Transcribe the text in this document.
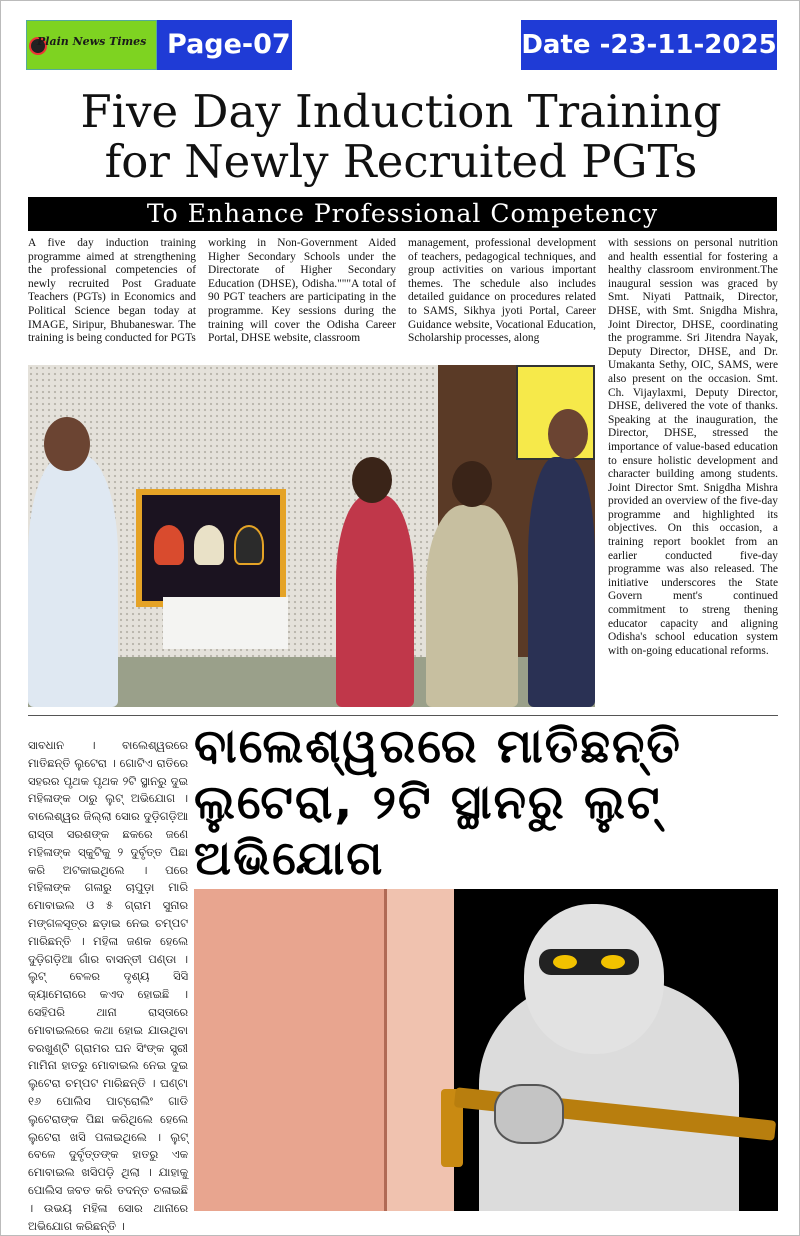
Plain News Times Page-07	Date -23-11-2025
Five Day Induction Training
for Newly Recruited PGTs
To Enhance Professional Competency
A five day induction training programme aimed at strengthening the professional competencies of newly recruited Post Graduate Teachers (PGTs) in Economics and Political Science began today at IMAGE, Siripur, Bhubaneswar. The training is being conducted for PGTs
working in Non-Government Aided Higher Secondary Schools under the Directorate of Higher Secondary Education (DHSE), Odisha."""A total of 90 PGT teachers are participating in the programme. Key sessions during the training will cover the Odisha Career Portal, DHSE website, classroom
management, professional development of teachers, pedagogical techniques, and group activities on various important themes. The schedule also includes detailed guidance on procedures related to SAMS, Sikhya jyoti Portal, Career Guidance website, Vocational Education, Scholarship processes, along
with sessions on personal nutrition and health essential for fostering a healthy classroom environment.The inaugural session was graced by Smt. Niyati Pattnaik, Director, DHSE, with Smt. Snigdha Mishra, Joint Director, DHSE, coordinating the programme. Sri Jitendra Nayak, Deputy Director, DHSE, and Dr. Umakanta Sethy, OIC, SAMS, were also present on the occasion. Smt. Ch. Vijaylaxmi, Deputy Director, DHSE, delivered the vote of thanks. Speaking at the inauguration, the Director, DHSE, stressed the importance of value-based education to ensure holistic development and character building among students. Joint Director Smt. Snigdha Mishra provided an overview of the five-day programme and highlighted its objectives. On this occasion, a training report booklet from an earlier conducted five-day programme was also released. The initiative underscores the State Govern ment's continued commitment to streng thening educator capacity and aligning Odisha's school education system with on-going educational reforms.
ସାବଧାନ । ବାଲେଶ୍ୱରରେ ମାତିଛନ୍ତି ଲୁଟେରା । ଗୋଟିଏ ରାତିରେ ସହରର ପୃଥକ ପୃଥକ ୨ଟି ସ୍ଥାନରୁ ଦୁଇ ମହିଳାଙ୍କ ଠାରୁ ଲୁଟ୍ ଅଭିଯୋଗ । ବାଲେଶ୍ୱର ଜିଲ୍ଲା ସୋର ଦୁଡ଼ିଗଡ଼ିଆ ରାସ୍ତା ସରଶଙ୍କ ଛକରେ ଜଣେ ମହିଳାଙ୍କ ସ୍କୁଟିକୁ ୨ ଦୁର୍ବୃତ୍ତ ପିଛା କରି ଅଟକାଇଥିଲେ । ପରେ ମହିଳାଙ୍କ ଗଳାରୁ ଚାପୁଡ଼ା ମାରି ମୋବାଇଲ ଓ ୫ ଗ୍ରାମ ସୁନାର ମଙ୍ଗଳସୂତ୍ର ଛଡ଼ାଇ ନେଇ ଚମ୍ପଟ ମାରିଛନ୍ତି । ମହିଳା ଜଣକ ହେଲେ ଦୁଡ଼ିଗଡ଼ିଆ ଗାଁର ବାସନ୍ତୀ ପଣ୍ଡା । ଲୁଟ୍ ବେଳର ଦୃଶ୍ୟ ସିସି କ୍ୟାମେରାରେ କଏଦ ହୋଇଛି । ସେହିପରି ଥାନା ରାସ୍ତାରେ ମୋବାଇଲରେ କଥା ହୋଇ ଯାଉଥିବା ବରଖୁଣ୍ଟି ଗ୍ରାମର ଘନ ସିଂଙ୍କ ସ୍ତ୍ରୀ ମାମିନା ହାତରୁ ମୋବାଇଲ ନେଇ ଦୁଇ ଲୁଟେରା ଚମ୍ପଟ ମାରିଛନ୍ତି । ଘଣ୍ଟା ୧୬ ପୋଲିସ ପାଟ୍ରୋଲିଂ ଗାଡି ଲୁଟେରାଙ୍କ ପିଛା କରିଥିଲେ ହେଲେ ଲୁଟେରା ଖସି ପଳାଇଥିଲେ । ଲୁଟ୍ ବେଳେ ଦୁର୍ବୃତ୍ତଙ୍କ ହାତରୁ ଏକ ମୋବାଇଲ ଖସିପଡ଼ି ଥିଲା । ଯାହାକୁ ପୋଲିସ ଜବତ କରି ତଦନ୍ତ ଚଳାଇଛି । ଉଭୟ ମହିଳା ସୋର ଥାନାରେ ଅଭିଯୋଗ କରିଛନ୍ତି ।
ବାଲେଶ୍ୱରରେ ମାତିଛନ୍ତି ଲୁଟେରା, ୨ଟି ସ୍ଥାନରୁ ଲୁଟ୍ ଅଭିଯୋଗ
